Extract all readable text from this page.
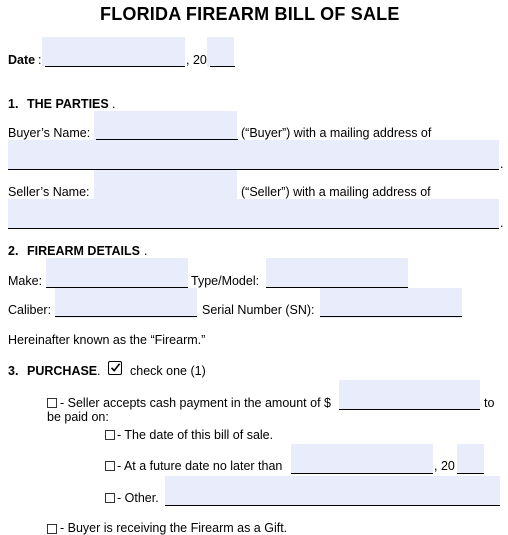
FLORIDA FIREARM BILL OF SALE
Date :	, 20
1. THE PARTIES .
Buyer’s Name:	(“Buyer”) with a mailing address of
.
Seller’s Name:	(“Seller”) with a mailing address of
.
2. FIREARM DETAILS .
Make:	Type/Model:
Caliber:	Serial Number (SN):
Hereinafter known as the “Firearm.”
3. PURCHASE . check one (1)
- Seller accepts cash payment in the amount of $	to
be paid on:
- The date of this bill of sale.
- At a future date no later than	, 20
- Other.
- Buyer is receiving the Firearm as a Gift.
